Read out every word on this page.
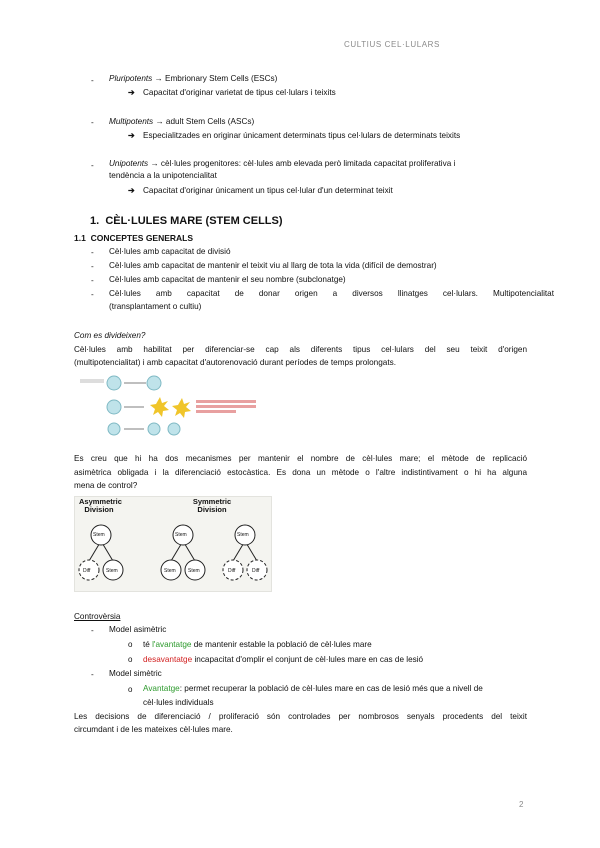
CULTIUS CEL·LULARS
- Pluripotents → Embrionary Stem Cells (ESCs)
➔ Capacitat d'originar varietat de tipus cel·lulars i teixits
- Multipotents → adult Stem Cells (ASCs)
➔ Especialitzades en originar únicament determinats tipus cel·lulars de determinats teixits
- Unipotents → cèl·lules progenitores: cèl·lules amb elevada però limitada capacitat proliferativa i
tendència a la unipotencialitat
➔ Capacitat d'originar únicament un tipus cel·lular d'un determinat teixit
1. CÈL·LULES MARE (STEM CELLS)
1.1 CONCEPTES GENERALS
- Cèl·lules amb capacitat de divisió
- Cèl·lules amb capacitat de mantenir el teixit viu al llarg de tota la vida (difícil de demostrar)
- Cèl·lules amb capacitat de mantenir el seu nombre (subclonatge)
- Cèl·lules amb capacitat de donar origen a diversos llinatges cel·lulars. Multipotencialitat
(transplantament o cultiu)
Com es divideixen?
Cèl·lules amb habilitat per diferenciar-se cap als diferents tipus cel·lulars del seu teixit d'origen
(multipotencialitat) i amb capacitat d'autorenovació durant períodes de temps prolongats.
Es creu que hi ha dos mecanismes per mantenir el nombre de cèl·lules mare; el mètode de replicació
asimètrica obligada i la diferenciació estocàstica. Es dona un mètode o l'altre indistintivament o hi ha alguna
mena de control?
Asymmetric
Division
Symmetric
Division
Stem
Diff	Stem
Stem
Stem Stem
Stem
Diff	Diff
Controvèrsia
- Model asimètric
o té l'avantatge de mantenir estable la població de cèl·lules mare
o desavantatge incapacitat d'omplir el conjunt de cèl·lules mare en cas de lesió
- Model simètric
o Avantatge: permet recuperar la població de cèl·lules mare en cas de lesió més que a nivell de
cèl·lules individuals
Les decisions de diferenciació / proliferació són controlades per nombrosos senyals procedents del teixit
circumdant i de les mateixes cèl·lules mare.
2
